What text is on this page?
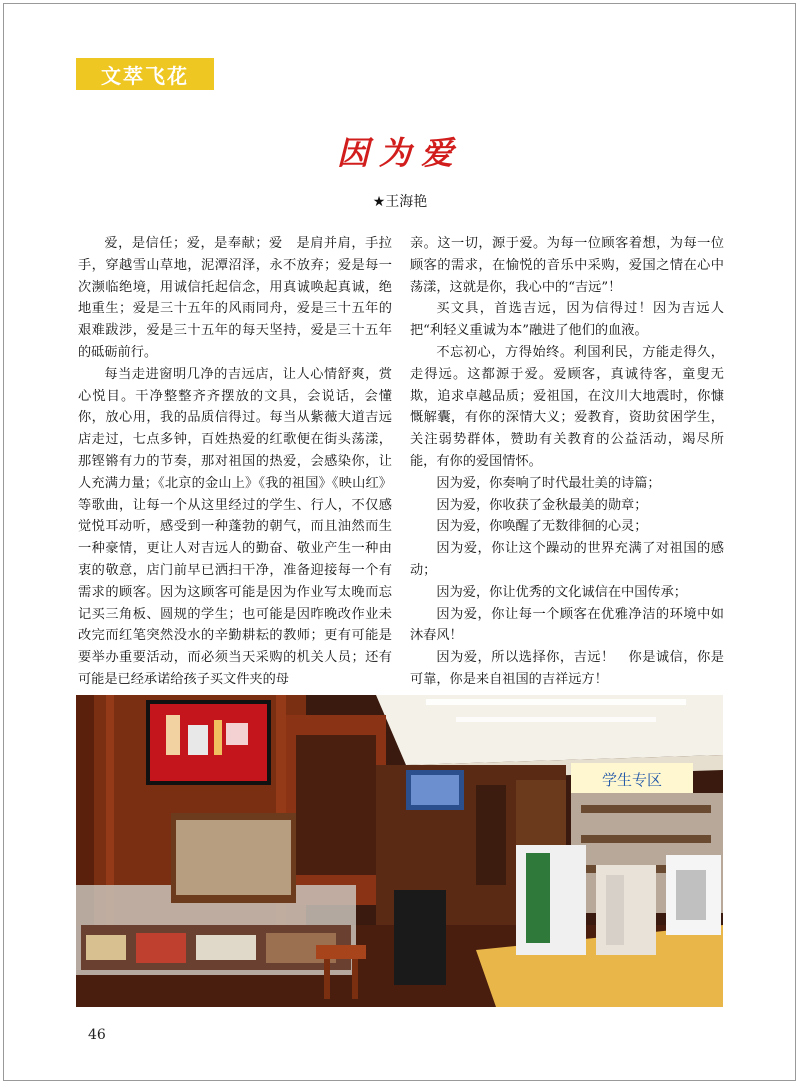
文萃飞花
因为爱
★王海艳

爱，是信任；爱，是奉献；爱　是肩并肩，手拉手，穿越雪山草地，泥潭沼泽，永不放弃；爱是每一次濒临绝境，用诚信托起信念，用真诚唤起真诚，绝地重生；爱是三十五年的风雨同舟，爱是三十五年的艰难跋涉，爱是三十五年的每天坚持，爱是三十五年的砥砺前行。

每当走进窗明几净的吉远店，让人心情舒爽，赏心悦目。干净整整齐齐摆放的文具，会说话，会懂你，放心用，我的品质信得过。每当从紫薇大道吉远店走过，七点多钟，百姓热爱的红歌便在街头荡漾，那铿锵有力的节奏，那对祖国的热爱，会感染你，让人充满力量；《北京的金山上》《我的祖国》《映山红》等歌曲，让每一个从这里经过的学生、行人，不仅感觉悦耳动听，感受到一种蓬勃的朝气，而且油然而生一种豪情，更让人对吉远人的勤奋、敬业产生一种由衷的敬意，店门前早已洒扫干净，准备迎接每一个有需求的顾客。因为这顾客可能是因为作业写太晚而忘记买三角板、圆规的学生；也可能是因昨晚改作业未改完而红笔突然没水的辛勤耕耘的教师；更有可能是要举办重要活动，而必须当天采购的机关人员；还有可能是已经承诺给孩子买文件夹的母

亲。这一切，源于爱。为每一位顾客着想，为每一位顾客的需求，在愉悦的音乐中采购，爱国之情在心中荡漾，这就是你，我心中的“吉远”！

买文具，首选吉远，因为信得过！因为吉远人把“利轻义重诚为本”融进了他们的血液。

不忘初心，方得始终。利国利民，方能走得久，走得远。这都源于爱。爱顾客，真诚待客，童叟无欺，追求卓越品质；爱祖国，在汶川大地震时，你慷慨解囊，有你的深情大义；爱教育，资助贫困学生，关注弱势群体，赞助有关教育的公益活动，竭尽所能，有你的爱国情怀。

因为爱，你奏响了时代最壮美的诗篇；

因为爱，你收获了金秋最美的勋章；

因为爱，你唤醒了无数徘徊的心灵；

因为爱，你让这个躁动的世界充满了对祖国的感动；

因为爱，你让优秀的文化诚信在中国传承；

因为爱，你让每一个顾客在优雅净洁的环境中如沐春风！

因为爱，所以选择你，吉远！　你是诚信，你是可靠，你是来自祖国的吉祥远方！

学生专区
46
